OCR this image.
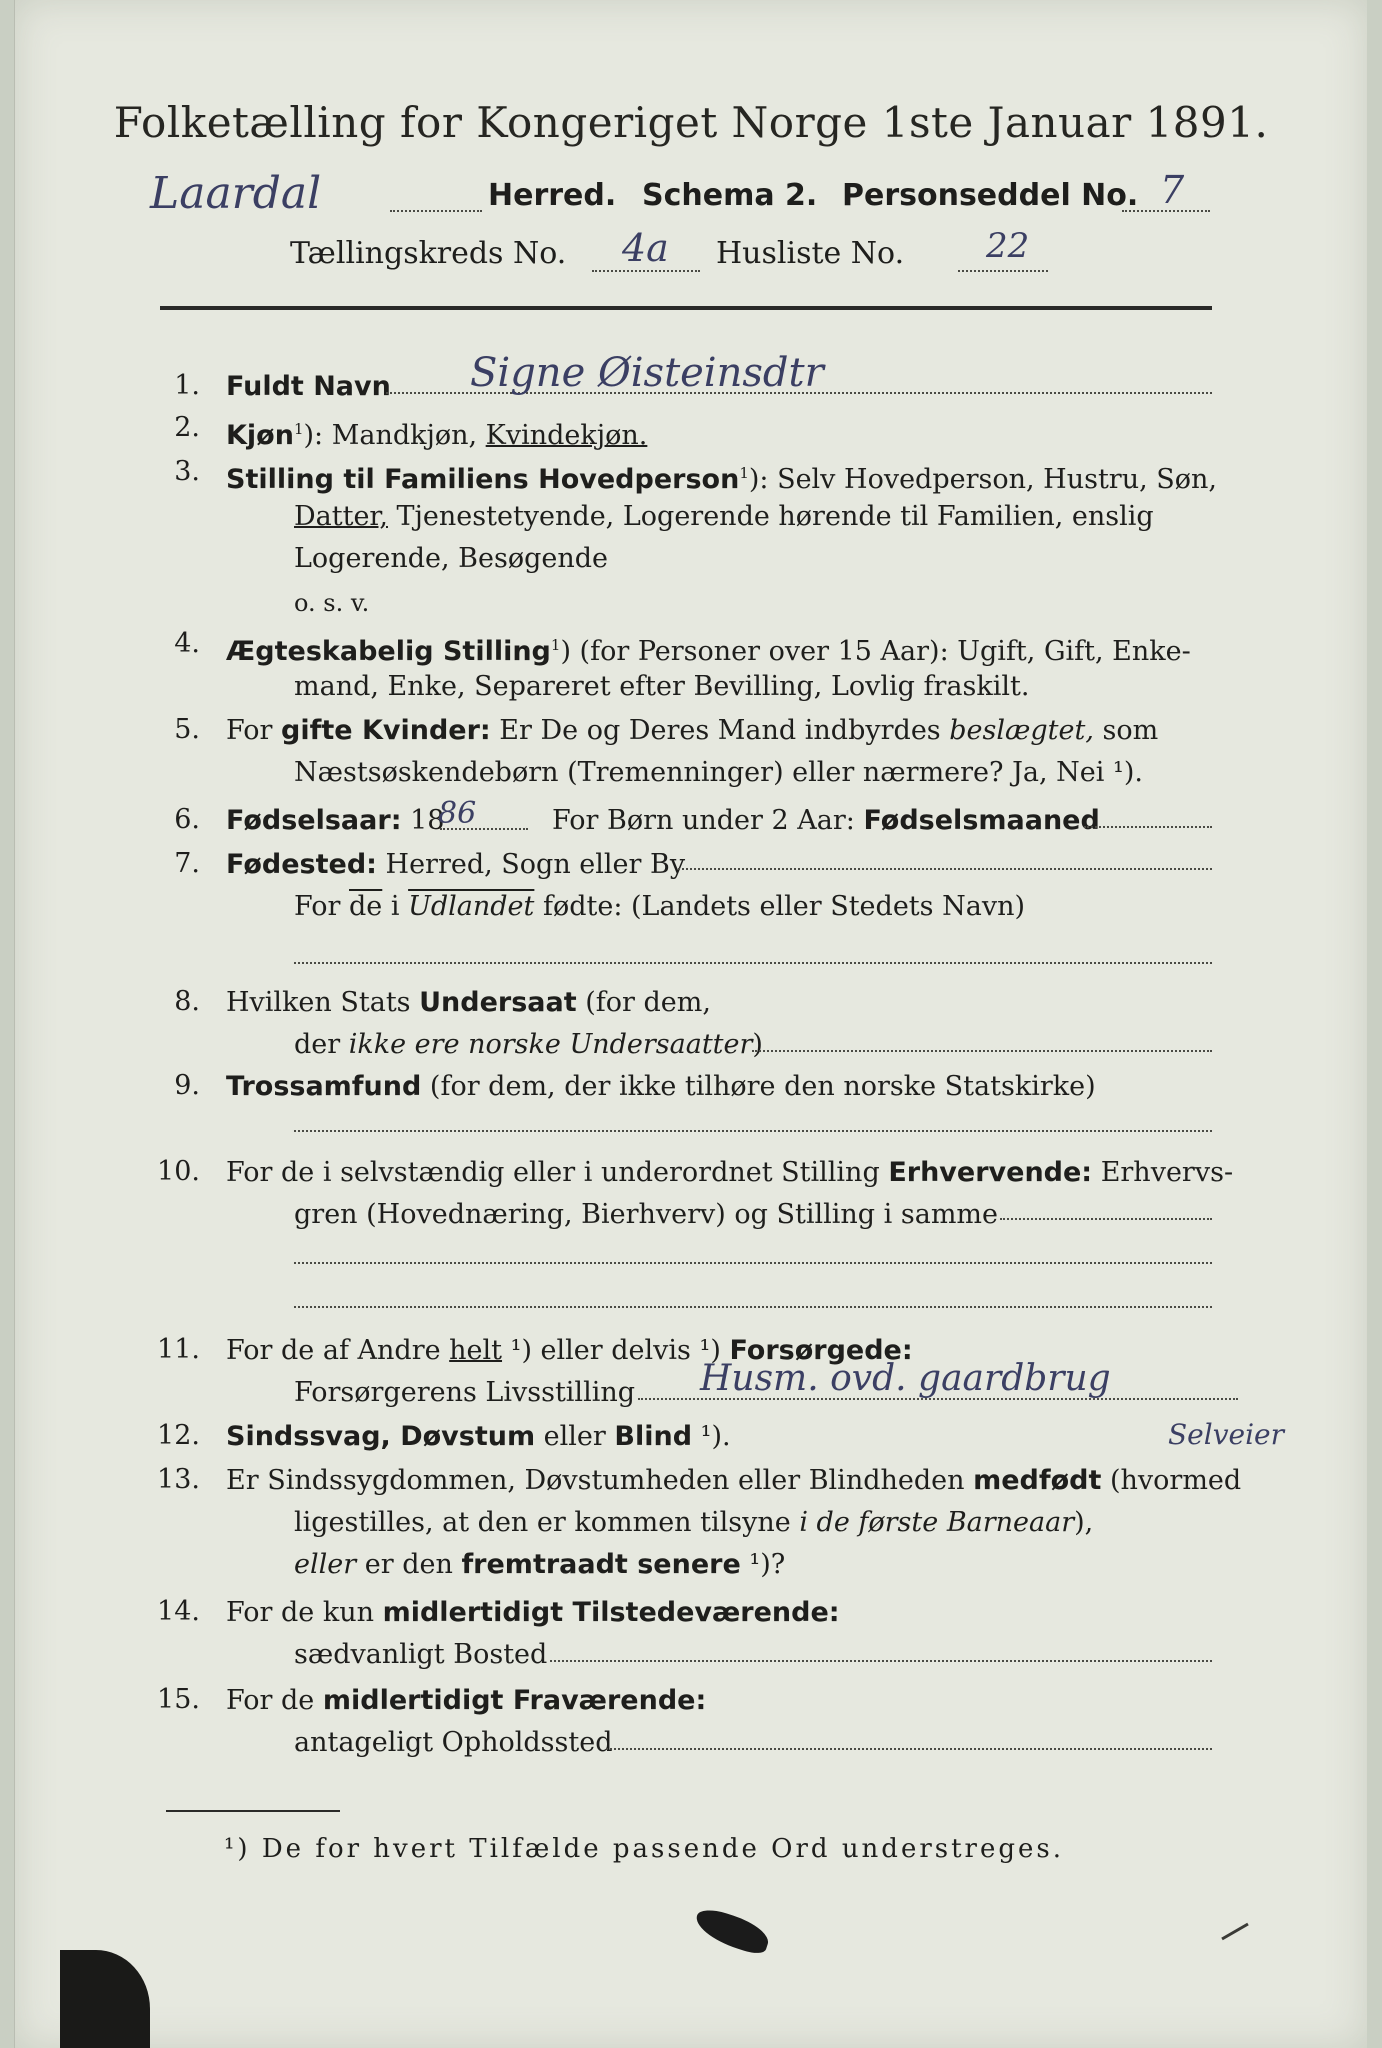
Folketælling for Kongeriget Norge 1ste Januar 1891.
Laardal	Herred. Schema 2. Personseddel No. 7
Tællingskreds No. 4a Husliste No. 22
1. Fuldt Navn Signe Øisteinsdtr
2. Kjøn$^1$): Mandkjøn, Kvindekjøn.
3. Stilling til Familiens Hovedperson$^1$): Selv Hovedperson, Hustru, Søn,
Datter, Tjenestetyende, Logerende hørende til Familien, enslig
Logerende, Besøgende
o. s. v.
4. Ægteskabelig Stilling$^1$) (for Personer over 15 Aar): Ugift, Gift, Enke-
mand, Enke, Separeret efter Bevilling, Lovlig fraskilt.
5. For gifte Kvinder: Er De og Deres Mand indbyrdes beslægtet, som
Næstsøskendebørn (Tremenninger) eller nærmere? Ja, Nei ¹).
6. Fødselsaar: 18
86	For Børn under 2 Aar: Fødselsmaaned
7. Fødested: Herred, Sogn eller By
For $\overline{de}$ i Udlandet fødte: (Landets eller Stedets Navn)
8. Hvilken Stats Undersaat (for dem,
der ikke ere norske Undersaatter)
9. Trossamfund (for dem, der ikke tilhøre den norske Statskirke)
10. For de i selvstændig eller i underordnet Stilling Erhvervende: Erhvervs-
gren (Hovednæring, Bierhverv) og Stilling i samme
11. For de af Andre helt ¹) eller delvis ¹) Forsørgede:
Forsørgerens Livsstilling Husm. ovd. gaardbrug
Selveier
12. Sindssvag, Døvstum eller Blind ¹).
13. Er Sindssygdommen, Døvstumheden eller Blindheden medfødt (hvormed
ligestilles, at den er kommen tilsyne i de første Barneaar),
eller er den fremtraadt senere ¹)?
14. For de kun midlertidigt Tilstedeværende:
sædvanligt Bosted
15. For de midlertidigt Fraværende:
antageligt Opholdssted
¹) De for hvert Tilfælde passende Ord understreges.
